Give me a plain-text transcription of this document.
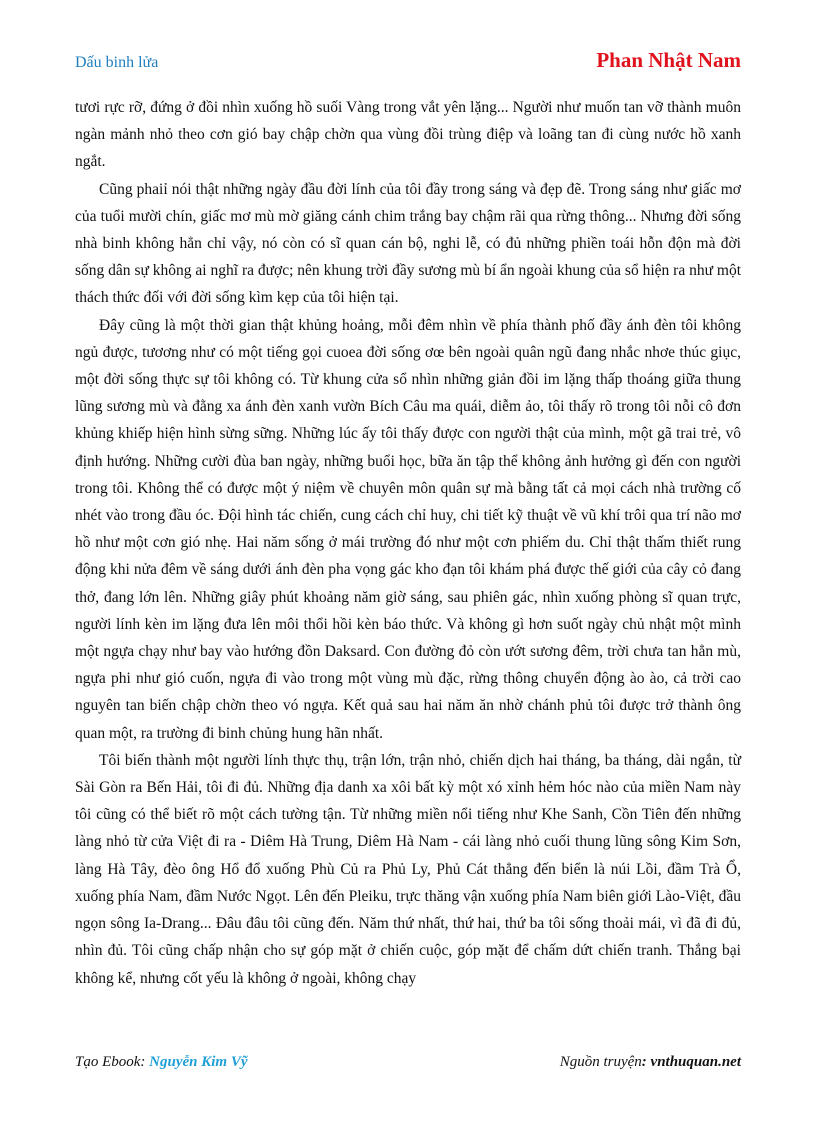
Dấu binh lửa	Phan Nhật Nam

tươi rực rỡ, đứng ở đồi nhìn xuống hồ suối Vàng trong vắt yên lặng... Người như muốn tan vỡ thành muôn ngàn mảnh nhỏ theo cơn gió bay chập chờn qua vùng đồi trùng điệp và loãng tan đi cùng nước hồ xanh ngắt.

Cũng phaiỉ nói thật những ngày đầu đời lính của tôi đầy trong sáng và đẹp đẽ. Trong sáng như giấc mơ của tuổi mười chín, giấc mơ mù mờ giăng cánh chim trắng bay chậm rãi qua rừng thông... Nhưng đời sống nhà binh không hẳn chỉ vậy, nó còn có sĩ quan cán bộ, nghi lễ, có đủ những phiền toái hỗn độn mà đời sống dân sự không ai nghĩ ra được; nên khung trời đầy sương mù bí ẩn ngoài khung của sổ hiện ra như một thách thức đối với đời sống kìm kẹp của tôi hiện tại.

Đây cũng là một thời gian thật khủng hoảng, mỗi đêm nhìn về phía thành phố đầy ánh đèn tôi không ngủ được, tươơng như có một tiếng gọi cuoea đời sống ơœ bên ngoài quân ngũ đang nhắc nhơe thúc giục, một đời sống thực sự tôi không có. Từ khung cửa sổ nhìn những giản đồi im lặng thấp thoáng giữa thung lũng sương mù và đằng xa ánh đèn xanh vườn Bích Câu ma quái, diễm ảo, tôi thấy rõ trong tôi nỗi cô đơn khủng khiếp hiện hình sừng sững. Những lúc ấy tôi thấy được con người thật của mình, một gã trai trẻ, vô định hướng. Những cười đùa ban ngày, những buổi học, bữa ăn tập thể không ảnh hưởng gì đến con người trong tôi. Không thể có được một ý niệm về chuyên môn quân sự mà bằng tất cả mọi cách nhà trường cố nhét vào trong đầu óc. Đội hình tác chiến, cung cách chỉ huy, chi tiết kỹ thuật về vũ khí trôi qua trí não mơ hồ như một cơn gió nhẹ. Hai năm sống ở mái trường đó như một cơn phiếm du. Chỉ thật thấm thiết rung động khi nửa đêm về sáng dưới ánh đèn pha vọng gác kho đạn tôi khám phá được thế giới của cây cỏ đang thở, đang lớn lên. Những giây phút khoảng năm giờ sáng, sau phiên gác, nhìn xuống phòng sĩ quan trực, người lính kèn im lặng đưa lên môi thổi hồi kèn báo thức. Và không gì hơn suốt ngày chủ nhật một mình một ngựa chạy như bay vào hướng đồn Daksard. Con đường đỏ còn ướt sương đêm, trời chưa tan hẳn mù, ngựa phi như gió cuốn, ngựa đi vào trong một vùng mù đặc, rừng thông chuyển động ào ào, cả trời cao nguyên tan biến chập chờn theo vó ngựa. Kết quả sau hai năm ăn nhờ chánh phủ tôi được trở thành ông quan một, ra trường đi binh chủng hung hãn nhất.

Tôi biến thành một người lính thực thụ, trận lớn, trận nhỏ, chiến dịch hai tháng, ba tháng, dài ngắn, từ Sài Gòn ra Bến Hải, tôi đi đủ. Những địa danh xa xôi bất kỳ một xó xỉnh hẻm hóc nào của miền Nam này tôi cũng có thể biết rõ một cách tường tận. Từ những miền nổi tiếng như Khe Sanh, Cồn Tiên đến những làng nhỏ từ cửa Việt đi ra - Diêm Hà Trung, Diêm Hà Nam - cái làng nhỏ cuối thung lũng sông Kim Sơn, làng Hà Tây, đèo ông Hổ đổ xuống Phù Củ ra Phủ Ly, Phủ Cát thẳng đến biển là núi Lồi, đầm Trà Ổ, xuống phía Nam, đầm Nước Ngọt. Lên đến Pleiku, trực thăng vận xuống phía Nam biên giới Lào-Việt, đầu ngọn sông Ia-Drang... Đâu đâu tôi cũng đến. Năm thứ nhất, thứ hai, thứ ba tôi sống thoải mái, vì đã đi đủ, nhìn đủ. Tôi cũng chấp nhận cho sự góp mặt ở chiến cuộc, góp mặt để chấm dứt chiến tranh. Thắng bại không kể, nhưng cốt yếu là không ở ngoài, không chạy

Tạo Ebook: Nguyễn Kim Vỹ	Nguồn truyện: vnthuquan.net
